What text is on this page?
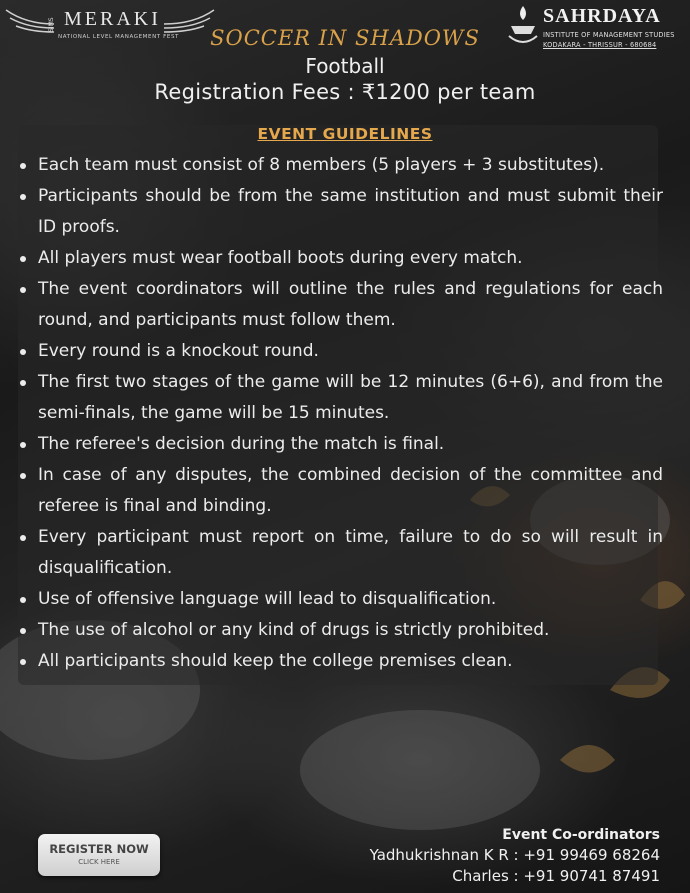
SIMS MERAKI
NATIONAL LEVEL MANAGEMENT FEST
SAHRDAYA
INSTITUTE OF MANAGEMENT STUDIES
KODAKARA - THRISSUR - 680684
SOCCER IN SHADOWS
Football
Registration Fees : ₹1200 per team
EVENT GUIDELINES
Each team must consist of 8 members (5 players + 3 substitutes).
Participants should be from the same institution and must submit their ID proofs.
All players must wear football boots during every match.
The event coordinators will outline the rules and regulations for each round, and participants must follow them.
Every round is a knockout round.
The first two stages of the game will be 12 minutes (6+6), and from the semi-finals, the game will be 15 minutes.
The referee's decision during the match is final.
In case of any disputes, the combined decision of the committee and referee is final and binding.
Every participant must report on time, failure to do so will result in disqualification.
Use of offensive language will lead to disqualification.
The use of alcohol or any kind of drugs is strictly prohibited.
All participants should keep the college premises clean.
REGISTER NOW
CLICK HERE
Event Co-ordinators
Yadhukrishnan K R : +91 99469 68264
Charles : +91 90741 87491
